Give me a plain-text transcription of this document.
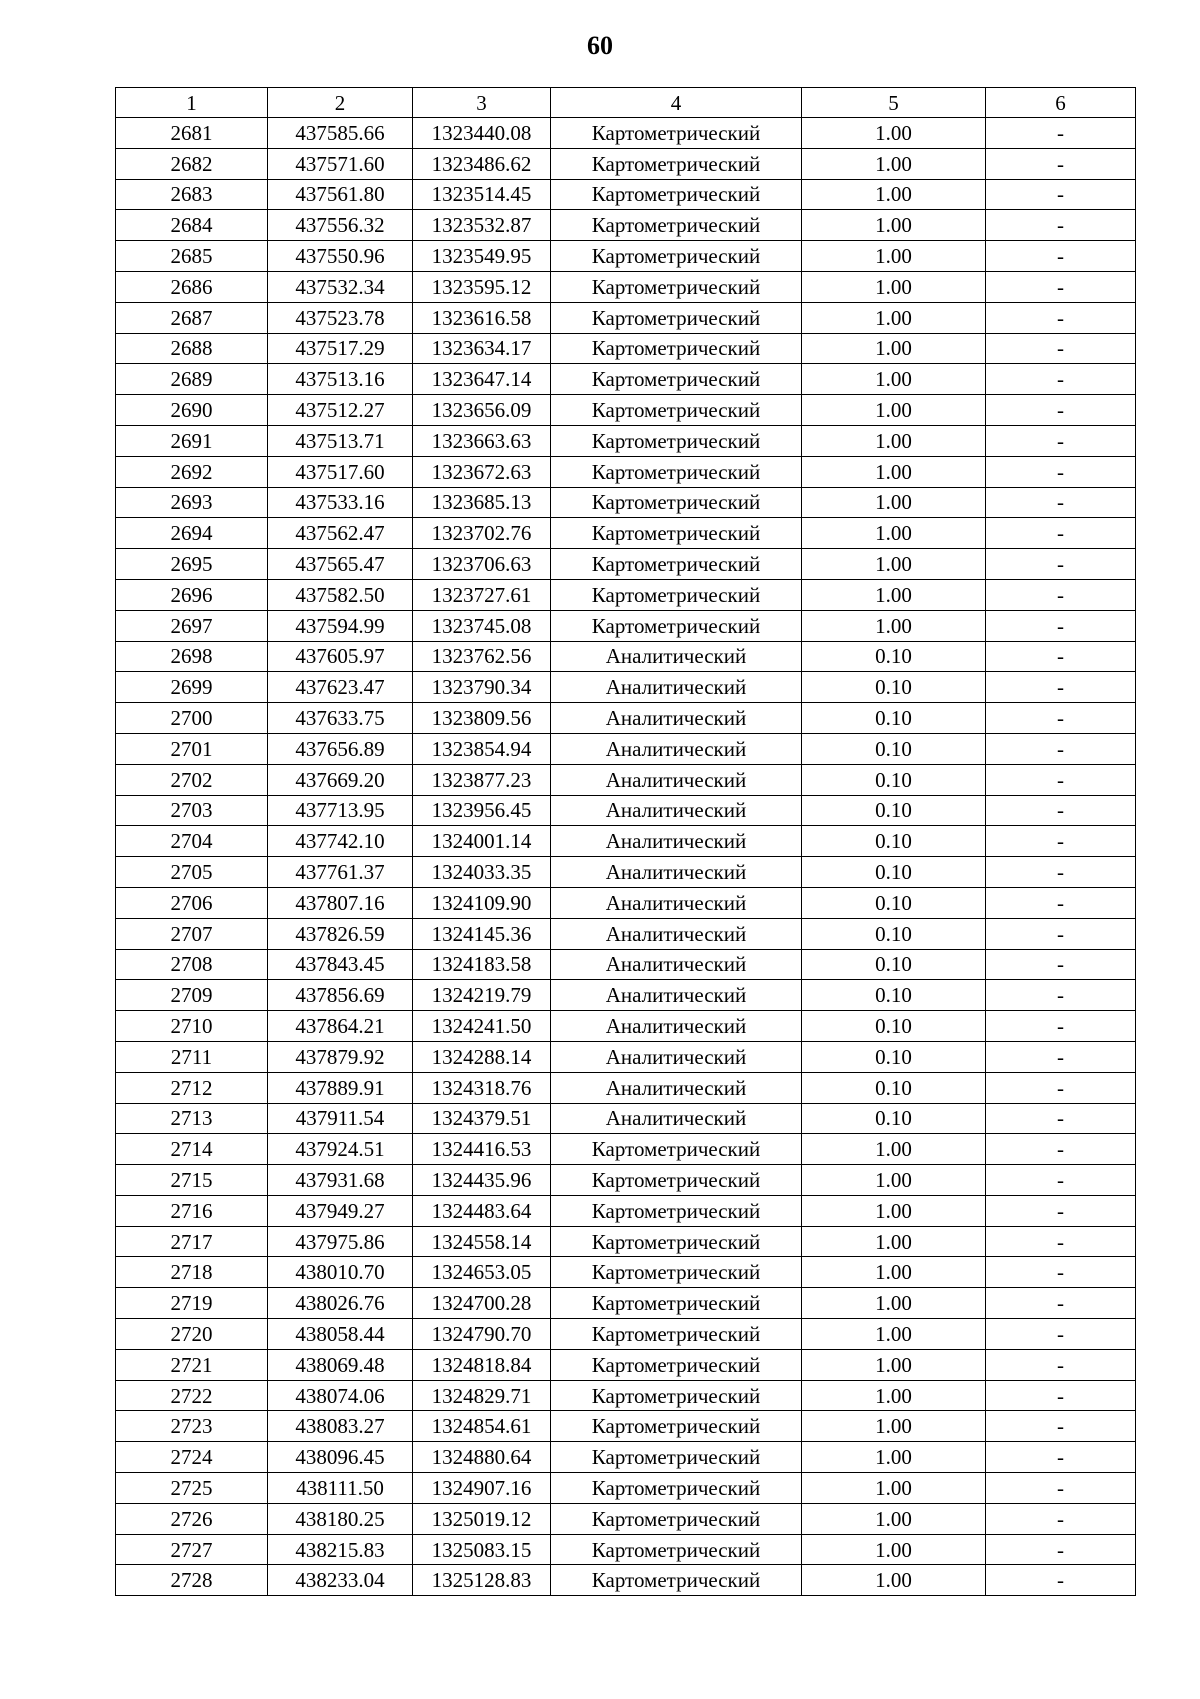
60
1	2	3	4	5	6
2681	437585.66	1323440.08	Картометрический	1.00	-
2682	437571.60	1323486.62	Картометрический	1.00	-
2683	437561.80	1323514.45	Картометрический	1.00	-
2684	437556.32	1323532.87	Картометрический	1.00	-
2685	437550.96	1323549.95	Картометрический	1.00	-
2686	437532.34	1323595.12	Картометрический	1.00	-
2687	437523.78	1323616.58	Картометрический	1.00	-
2688	437517.29	1323634.17	Картометрический	1.00	-
2689	437513.16	1323647.14	Картометрический	1.00	-
2690	437512.27	1323656.09	Картометрический	1.00	-
2691	437513.71	1323663.63	Картометрический	1.00	-
2692	437517.60	1323672.63	Картометрический	1.00	-
2693	437533.16	1323685.13	Картометрический	1.00	-
2694	437562.47	1323702.76	Картометрический	1.00	-
2695	437565.47	1323706.63	Картометрический	1.00	-
2696	437582.50	1323727.61	Картометрический	1.00	-
2697	437594.99	1323745.08	Картометрический	1.00	-
2698	437605.97	1323762.56	Аналитический	0.10	-
2699	437623.47	1323790.34	Аналитический	0.10	-
2700	437633.75	1323809.56	Аналитический	0.10	-
2701	437656.89	1323854.94	Аналитический	0.10	-
2702	437669.20	1323877.23	Аналитический	0.10	-
2703	437713.95	1323956.45	Аналитический	0.10	-
2704	437742.10	1324001.14	Аналитический	0.10	-
2705	437761.37	1324033.35	Аналитический	0.10	-
2706	437807.16	1324109.90	Аналитический	0.10	-
2707	437826.59	1324145.36	Аналитический	0.10	-
2708	437843.45	1324183.58	Аналитический	0.10	-
2709	437856.69	1324219.79	Аналитический	0.10	-
2710	437864.21	1324241.50	Аналитический	0.10	-
2711	437879.92	1324288.14	Аналитический	0.10	-
2712	437889.91	1324318.76	Аналитический	0.10	-
2713	437911.54	1324379.51	Аналитический	0.10	-
2714	437924.51	1324416.53	Картометрический	1.00	-
2715	437931.68	1324435.96	Картометрический	1.00	-
2716	437949.27	1324483.64	Картометрический	1.00	-
2717	437975.86	1324558.14	Картометрический	1.00	-
2718	438010.70	1324653.05	Картометрический	1.00	-
2719	438026.76	1324700.28	Картометрический	1.00	-
2720	438058.44	1324790.70	Картометрический	1.00	-
2721	438069.48	1324818.84	Картометрический	1.00	-
2722	438074.06	1324829.71	Картометрический	1.00	-
2723	438083.27	1324854.61	Картометрический	1.00	-
2724	438096.45	1324880.64	Картометрический	1.00	-
2725	438111.50	1324907.16	Картометрический	1.00	-
2726	438180.25	1325019.12	Картометрический	1.00	-
2727	438215.83	1325083.15	Картометрический	1.00	-
2728	438233.04	1325128.83	Картометрический	1.00	-
